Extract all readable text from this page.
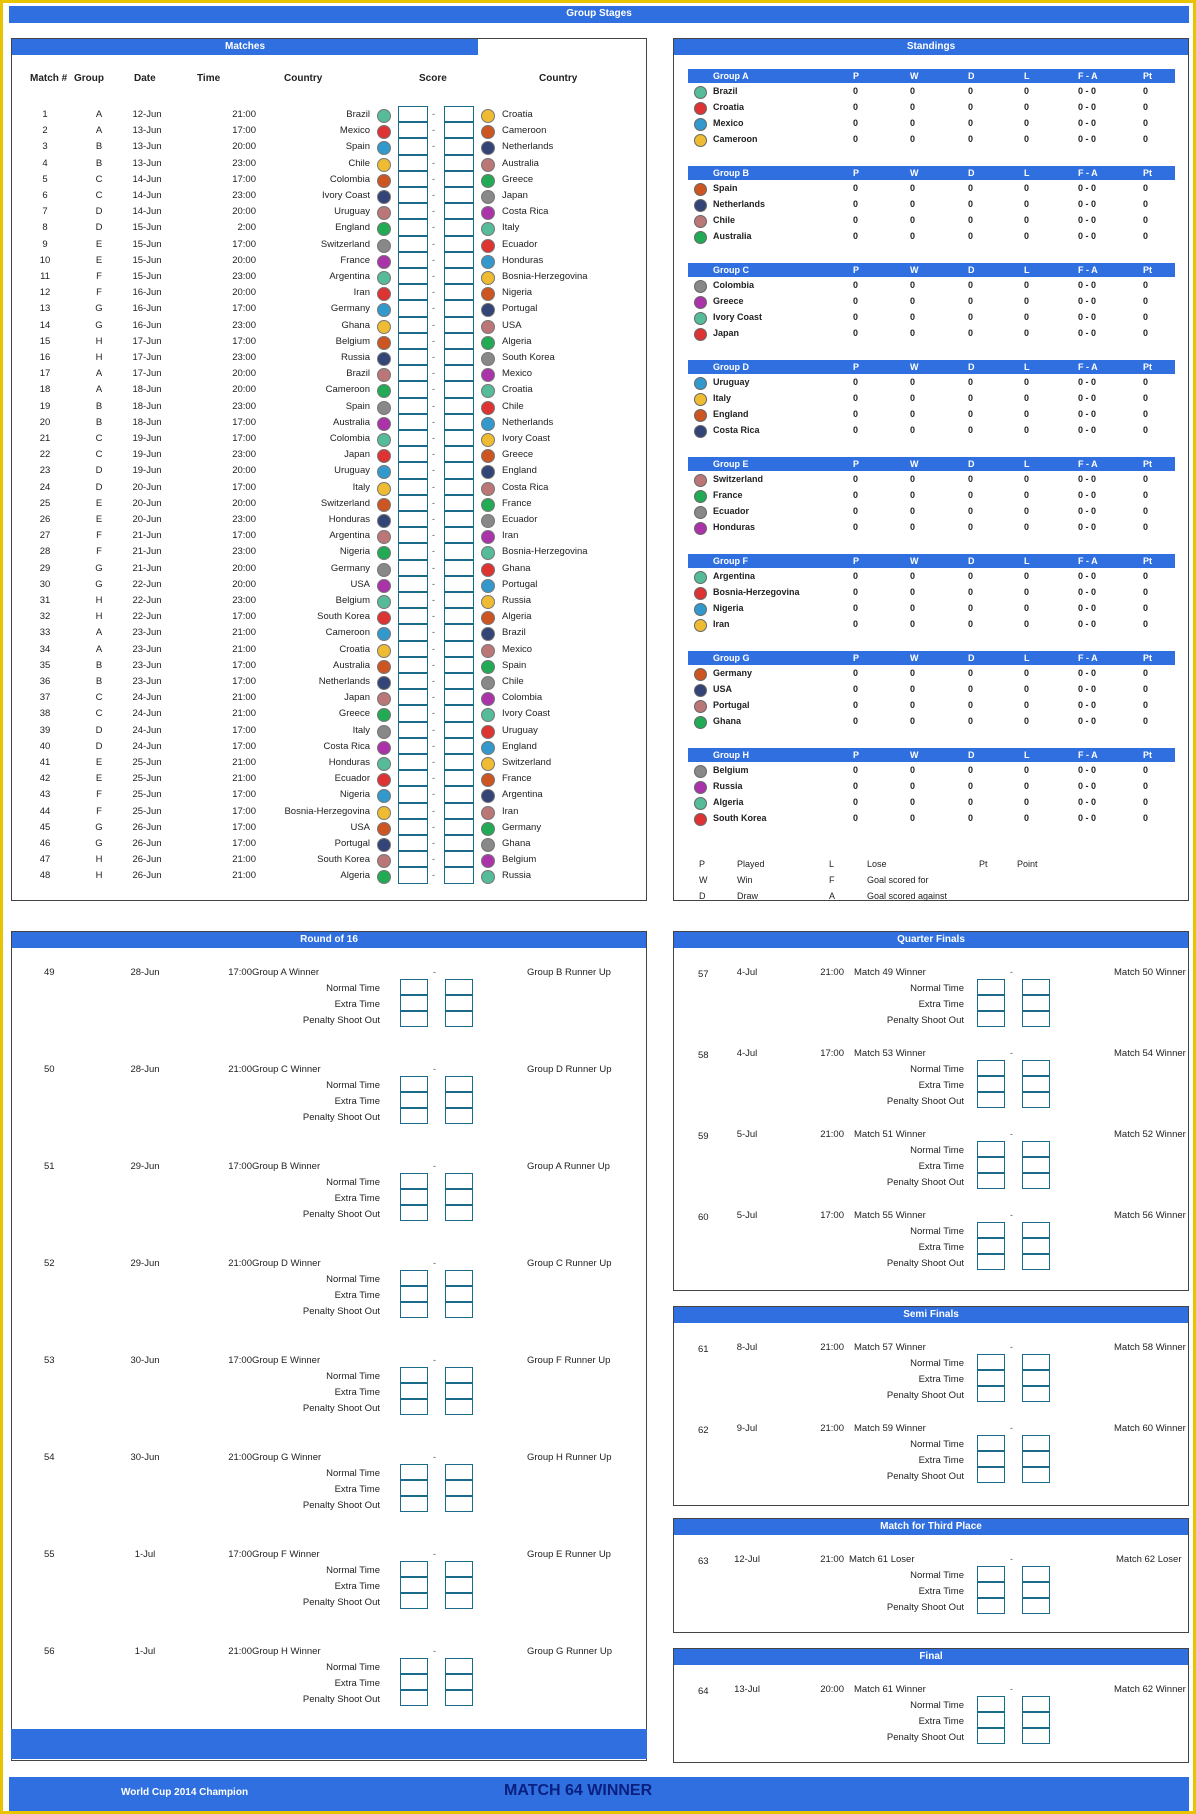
Group Stages
Matches
Match # Group	Date	Time	Country	Score	Country
1	A	12-Jun	21:00	Brazil	-	Croatia
2	A	13-Jun	17:00	Mexico	-	Cameroon
3	B	13-Jun	20:00	Spain	-	Netherlands
4	B	13-Jun	23:00	Chile	-	Australia
5	C	14-Jun	17:00	Colombia	-	Greece
6	C	14-Jun	23:00	Ivory Coast	-	Japan
7	D	14-Jun	20:00	Uruguay	-	Costa Rica
8	D	15-Jun	2:00	England	-	Italy
9	E	15-Jun	17:00	Switzerland	-	Ecuador
10	E	15-Jun	20:00	France	-	Honduras
11	F	15-Jun	23:00	Argentina	-	Bosnia-Herzegovina
12	F	16-Jun	20:00	Iran	-	Nigeria
13	G	16-Jun	17:00	Germany	-	Portugal
14	G	16-Jun	23:00	Ghana	-	USA
15	H	17-Jun	17:00	Belgium	-	Algeria
16	H	17-Jun	23:00	Russia	-	South Korea
17	A	17-Jun	20:00	Brazil	-	Mexico
18	A	18-Jun	20:00	Cameroon	-	Croatia
19	B	18-Jun	23:00	Spain	-	Chile
20	B	18-Jun	17:00	Australia	-	Netherlands
21	C	19-Jun	17:00	Colombia	-	Ivory Coast
22	C	19-Jun	23:00	Japan	-	Greece
23	D	19-Jun	20:00	Uruguay	-	England
24	D	20-Jun	17:00	Italy	-	Costa Rica
25	E	20-Jun	20:00	Switzerland	-	France
26	E	20-Jun	23:00	Honduras	-	Ecuador
27	F	21-Jun	17:00	Argentina	-	Iran
28	F	21-Jun	23:00	Nigeria	-	Bosnia-Herzegovina
29	G	21-Jun	20:00	Germany	-	Ghana
30	G	22-Jun	20:00	USA	-	Portugal
31	H	22-Jun	23:00	Belgium	-	Russia
32	H	22-Jun	17:00	South Korea	-	Algeria
33	A	23-Jun	21:00	Cameroon	-	Brazil
34	A	23-Jun	21:00	Croatia	-	Mexico
35	B	23-Jun	17:00	Australia	-	Spain
36	B	23-Jun	17:00	Netherlands	-	Chile
37	C	24-Jun	21:00	Japan	-	Colombia
38	C	24-Jun	21:00	Greece	-	Ivory Coast
39	D	24-Jun	17:00	Italy	-	Uruguay
40	D	24-Jun	17:00	Costa Rica	-	England
41	E	25-Jun	21:00	Honduras	-	Switzerland
42	E	25-Jun	21:00	Ecuador	-	France
43	F	25-Jun	17:00	Nigeria	-	Argentina
44	F	25-Jun	17:00	Bosnia-Herzegovina	-	Iran
45	G	26-Jun	17:00	USA	-	Germany
46	G	26-Jun	17:00	Portugal	-	Ghana
47	H	26-Jun	21:00	South Korea	-	Belgium
48	H	26-Jun	21:00	Algeria	-	Russia
Standings
Group A	P	W	D	L	F - A	Pt
Brazil	0	0	0	0	0 - 0	0
Croatia	0	0	0	0	0 - 0	0
Mexico	0	0	0	0	0 - 0	0
Cameroon	0	0	0	0	0 - 0	0
Group B	P	W	D	L	F - A	Pt
Spain	0	0	0	0	0 - 0	0
Netherlands	0	0	0	0	0 - 0	0
Chile	0	0	0	0	0 - 0	0
Australia	0	0	0	0	0 - 0	0
Group C	P	W	D	L	F - A	Pt
Colombia	0	0	0	0	0 - 0	0
Greece	0	0	0	0	0 - 0	0
Ivory Coast	0	0	0	0	0 - 0	0
Japan	0	0	0	0	0 - 0	0
Group D	P	W	D	L	F - A	Pt
Uruguay	0	0	0	0	0 - 0	0
Italy	0	0	0	0	0 - 0	0
England	0	0	0	0	0 - 0	0
Costa Rica	0	0	0	0	0 - 0	0
Group E	P	W	D	L	F - A	Pt
Switzerland	0	0	0	0	0 - 0	0
France	0	0	0	0	0 - 0	0
Ecuador	0	0	0	0	0 - 0	0
Honduras	0	0	0	0	0 - 0	0
Group F	P	W	D	L	F - A	Pt
Argentina	0	0	0	0	0 - 0	0
Bosnia-Herzegovina	0	0	0	0	0 - 0	0
Nigeria	0	0	0	0	0 - 0	0
Iran	0	0	0	0	0 - 0	0
Group G	P	W	D	L	F - A	Pt
Germany	0	0	0	0	0 - 0	0
USA	0	0	0	0	0 - 0	0
Portugal	0	0	0	0	0 - 0	0
Ghana	0	0	0	0	0 - 0	0
Group H	P	W	D	L	F - A	Pt
Belgium	0	0	0	0	0 - 0	0
Russia	0	0	0	0	0 - 0	0
Algeria	0	0	0	0	0 - 0	0
South Korea	0	0	0	0	0 - 0	0
P	Played	L	Lose	Pt	Point
W	Win	F	Goal scored for
D	Draw	A	Goal scored against
Round of 16
49	28-Jun	17:00 Group A Winner	Group B Runner Up
Normal Time
Extra Time
Penalty Shoot Out
-
50	28-Jun	21:00 Group C Winner	Group D Runner Up
Normal Time
Extra Time
Penalty Shoot Out
-
51	29-Jun	17:00 Group B Winner	Group A Runner Up
Normal Time
Extra Time
Penalty Shoot Out
-
52	29-Jun	21:00 Group D Winner	Group C Runner Up
Normal Time
Extra Time
Penalty Shoot Out
-
53	30-Jun	17:00 Group E Winner	Group F Runner Up
Normal Time
Extra Time
Penalty Shoot Out
-
54	30-Jun	21:00 Group G Winner	Group H Runner Up
Normal Time
Extra Time
Penalty Shoot Out
-
55	1-Jul	17:00 Group F Winner	Group E Runner Up
Normal Time
Extra Time
Penalty Shoot Out
-
56	1-Jul	21:00 Group H Winner	Group G Runner Up
Normal Time
Extra Time
Penalty Shoot Out
-
Quarter Finals
57	4-Jul	21:00 Match 49 Winner	Match 50 Winner
Normal Time
Extra Time
Penalty Shoot Out
-
58	4-Jul	17:00 Match 53 Winner	Match 54 Winner
Normal Time
Extra Time
Penalty Shoot Out
-
59	5-Jul	21:00 Match 51 Winner	Match 52 Winner
Normal Time
Extra Time
Penalty Shoot Out
-
60	5-Jul	17:00 Match 55 Winner	Match 56 Winner
Normal Time
Extra Time
Penalty Shoot Out
-
Semi Finals
61	8-Jul	21:00 Match 57 Winner	Match 58 Winner
Normal Time
Extra Time
Penalty Shoot Out
-
62	9-Jul	21:00 Match 59 Winner	Match 60 Winner
Normal Time
Extra Time
Penalty Shoot Out
-
Match for Third Place
63	12-Jul	21:00 Match 61 Loser	Match 62 Loser
Normal Time
Extra Time
Penalty Shoot Out
-
Final
64	13-Jul	20:00 Match 61 Winner	Match 62 Winner
Normal Time
Extra Time
Penalty Shoot Out
-
World Cup 2014 Champion	MATCH 64 WINNER
